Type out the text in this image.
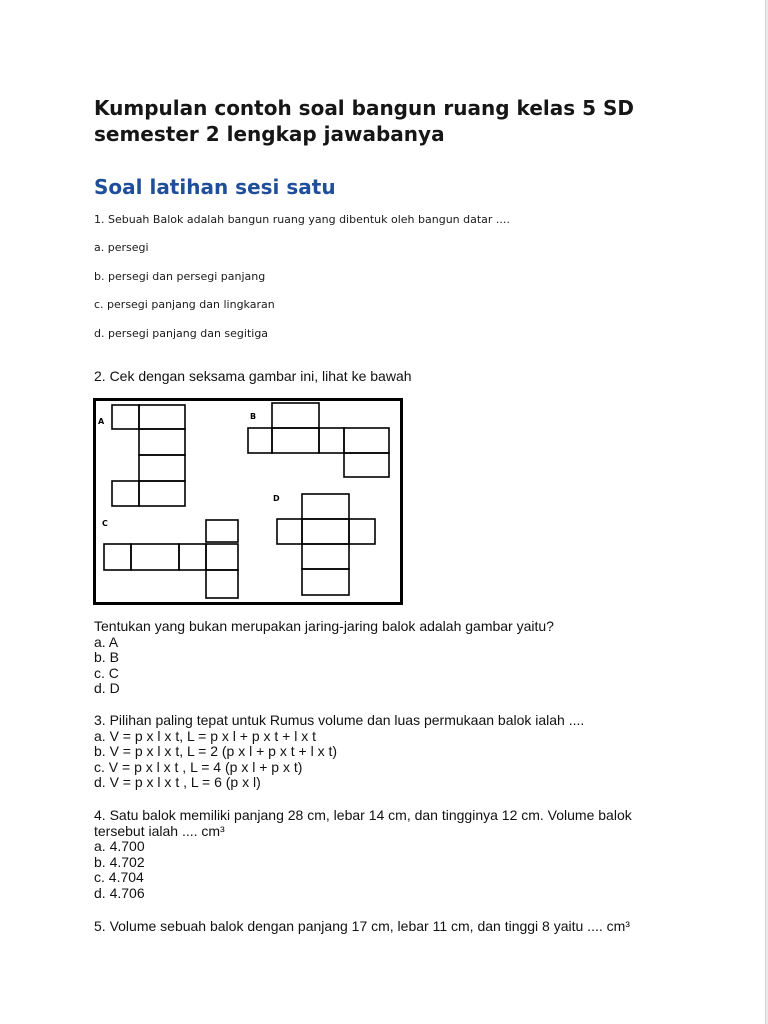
Kumpulan contoh soal bangun ruang kelas 5 SD
semester 2 lengkap jawabanya
Soal latihan sesi satu
1. Sebuah Balok adalah bangun ruang yang dibentuk oleh bangun datar ....
a. persegi
b. persegi dan persegi panjang
c. persegi panjang dan lingkaran
d. persegi panjang dan segitiga
2. Cek dengan seksama gambar ini, lihat ke bawah
A
B
C
D
Tentukan yang bukan merupakan jaring-jaring balok adalah gambar yaitu?
a. A
b. B
c. C
d. D
3. Pilihan paling tepat untuk Rumus volume dan luas permukaan balok ialah ....
a. V = p x l x t, L = p x l + p x t + l x t
b. V = p x l x t, L = 2 (p x l + p x t + l x t)
c. V = p x l x t , L = 4 (p x l + p x t)
d. V = p x l x t , L = 6 (p x l)
4. Satu balok memiliki panjang 28 cm, lebar 14 cm, dan tingginya 12 cm. Volume balok
tersebut ialah .... cm³
a. 4.700
b. 4.702
c. 4.704
d. 4.706
5. Volume sebuah balok dengan panjang 17 cm, lebar 11 cm, dan tinggi 8 yaitu .... cm³
